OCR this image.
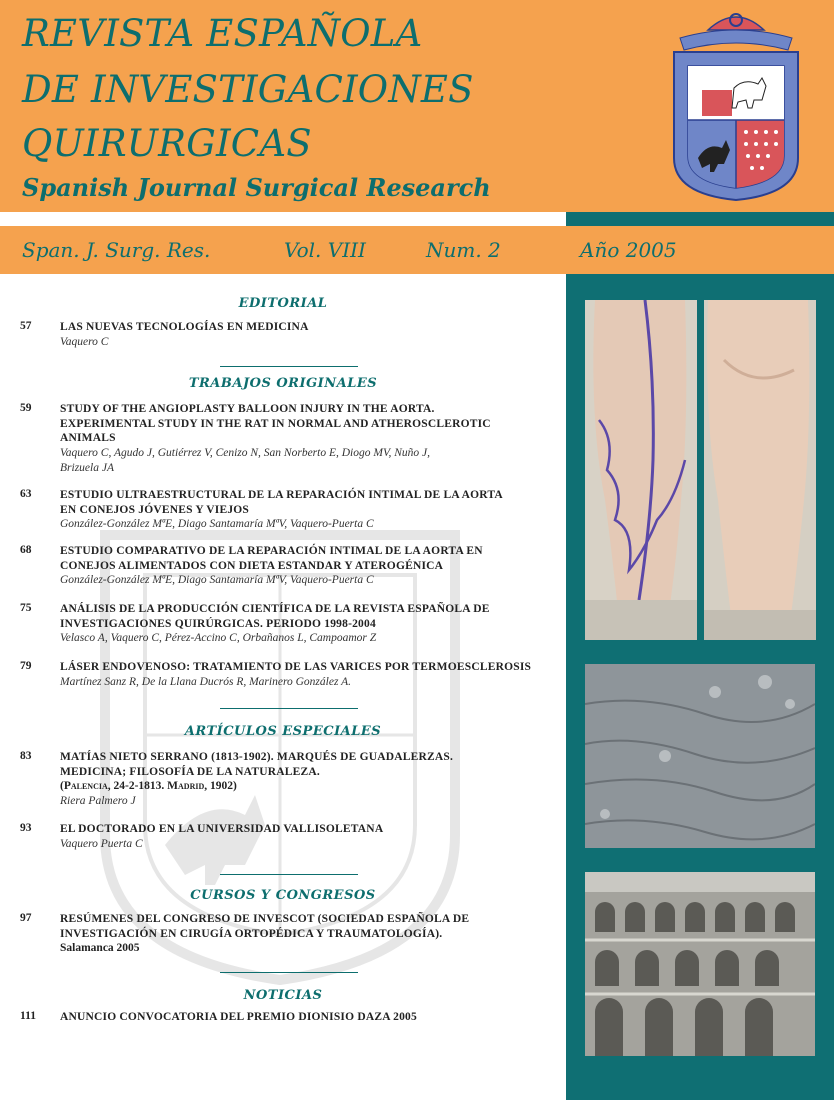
REVISTA ESPAÑOLA
DE INVESTIGACIONES
QUIRURGICAS
Spanish Journal Surgical Research
Span. J. Surg. Res.	Vol. VIII	Num. 2	Año 2005
EDITORIAL
57 LAS NUEVAS TECNOLOGÍAS EN MEDICINA
Vaquero C
TRABAJOS ORIGINALES
59 STUDY OF THE ANGIOPLASTY BALLOON INJURY IN THE AORTA.
EXPERIMENTAL STUDY IN THE RAT IN NORMAL AND ATHEROSCLEROTIC
ANIMALS
Vaquero C, Agudo J, Gutiérrez V, Cenizo N, San Norberto E, Diogo MV, Nuño J,
Brizuela JA
63 ESTUDIO ULTRAESTRUCTURAL DE LA REPARACIÓN INTIMAL DE LA AORTA
EN CONEJOS JÓVENES Y VIEJOS
González-González MªE, Diago Santamaría MªV, Vaquero-Puerta C
68 ESTUDIO COMPARATIVO DE LA REPARACIÓN INTIMAL DE LA AORTA EN
CONEJOS ALIMENTADOS CON DIETA ESTANDAR Y ATEROGÉNICA
González-González MªE, Diago Santamaría MªV, Vaquero-Puerta C
75 ANÁLISIS DE LA PRODUCCIÓN CIENTÍFICA DE LA REVISTA ESPAÑOLA DE
INVESTIGACIONES QUIRÚRGICAS. PERIODO 1998-2004
Velasco A, Vaquero C, Pérez-Accino C, Orbañanos L, Campoamor Z
79 LÁSER ENDOVENOSO: TRATAMIENTO DE LAS VARICES POR TERMOESCLEROSIS
Martínez Sanz R, De la Llana Ducrós R, Marinero González A.
ARTÍCULOS ESPECIALES
83 MATÍAS NIETO SERRANO (1813-1902). MARQUÉS DE GUADALERZAS.
MEDICINA; FILOSOFÍA DE LA NATURALEZA.
(Palencia, 24-2-1813. Madrid, 1902)
Riera Palmero J
93 EL DOCTORADO EN LA UNIVERSIDAD VALLISOLETANA
Vaquero Puerta C
CURSOS Y CONGRESOS
97 RESÚMENES DEL CONGRESO DE INVESCOT (SOCIEDAD ESPAÑOLA DE
INVESTIGACIÓN EN CIRUGÍA ORTOPÉDICA Y TRAUMATOLOGÍA).
Salamanca 2005
NOTICIAS
111 ANUNCIO CONVOCATORIA DEL PREMIO DIONISIO DAZA 2005
